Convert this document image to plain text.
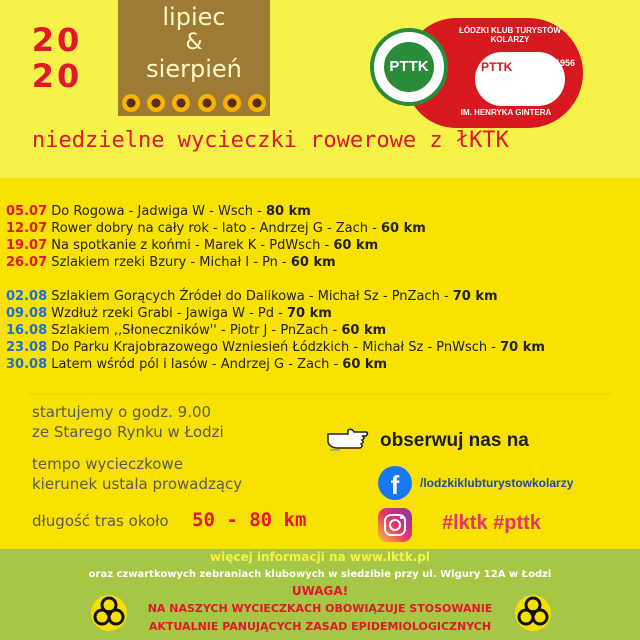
20
20
lipiec

&
sierpień
ŁÓDZKI KLUB TURYSTÓW KOLARZY
PTTK	1956
IM. HENRYKA GINTERA
PTTK
niedzielne wycieczki rowerowe z łKTK
05.07 Do Rogowa - Jadwiga W - Wsch - 80 km
12.07 Rower dobry na cały rok - lato - Andrzej G - Zach - 60 km
19.07 Na spotkanie z końmi - Marek K - PdWsch - 60 km
26.07 Szlakiem rzeki Bzury - Michał I - Pn - 60 km
02.08 Szlakiem Gorących Źródeł do Dalikowa - Michał Sz - PnZach - 70 km
09.08 Wzdłuż rzeki Grabi - Jawiga W - Pd - 70 km
16.08 Szlakiem ,,Słoneczników'' - Piotr J - PnZach - 60 km
23.08 Do Parku Krajobrazowego Wzniesień Łódzkich - Michał Sz - PnWsch - 70 km
30.08 Latem wśród pól i lasów - Andrzej G - Zach - 60 km

startujemy o godz. 9.00
ze Starego Rynku w Łodzi

tempo wycieczkowe
kierunek ustala prowadzący

długość tras około 50 - 80 km
obserwuj nas na
f	/lodzkiklubturystowkolarzy
#lktk #pttk
więcej informacji na www.lktk.pl
oraz czwartkowych zebraniach klubowych w siedzibie przy ul. Wigury 12A w Łodzi
UWAGA!
NA NASZYCH WYCIECZKACH OBOWIĄZUJE STOSOWANIE
AKTUALNIE PANUJĄCYCH ZASAD EPIDEMIOLOGICZNYCH
